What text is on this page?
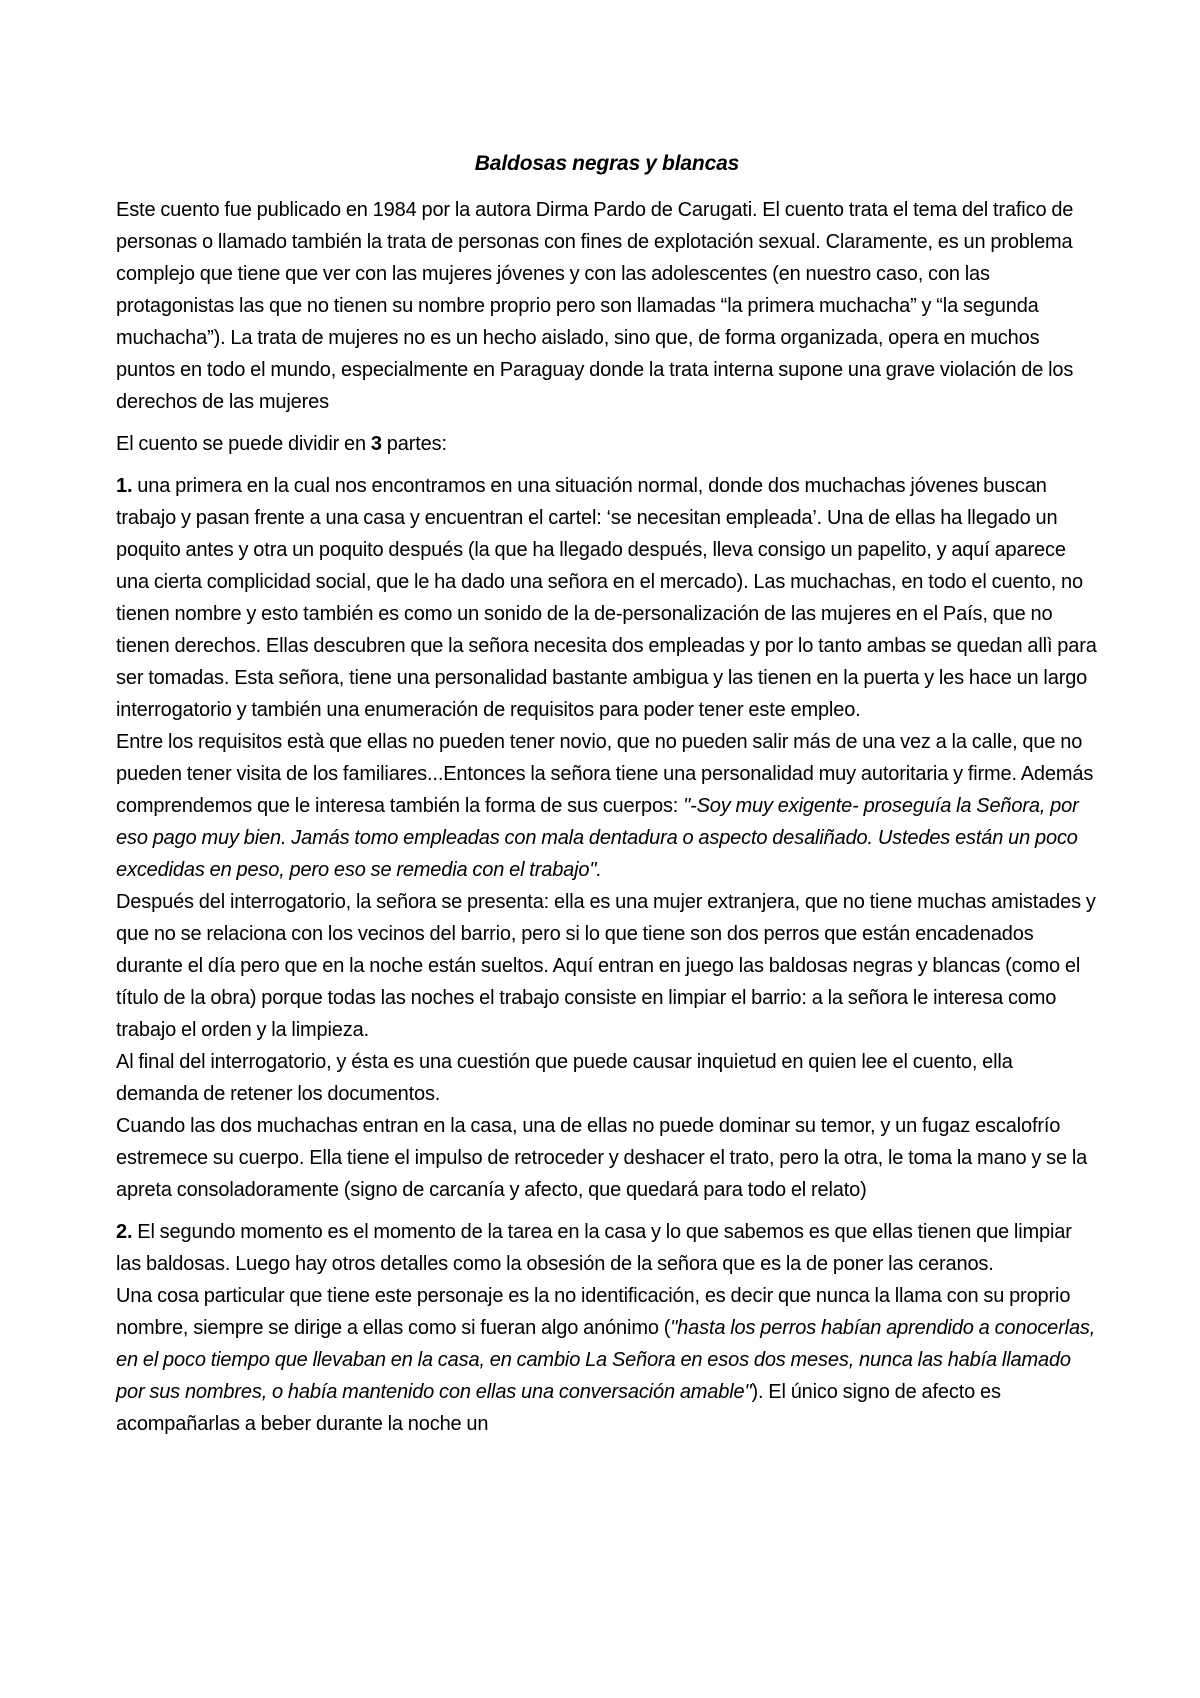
Baldosas negras y blancas

Este cuento fue publicado en 1984 por la autora Dirma Pardo de Carugati. El cuento trata el tema del trafico de personas o llamado también la trata de personas con fines de explotación sexual. Claramente, es un problema complejo que tiene que ver con las mujeres jóvenes y con las adolescentes (en nuestro caso, con las protagonistas las que no tienen su nombre proprio pero son llamadas “la primera muchacha” y “la segunda muchacha”). La trata de mujeres no es un hecho aislado, sino que, de forma organizada, opera en muchos puntos en todo el mundo, especialmente en Paraguay donde la trata interna supone una grave violación de los derechos de las mujeres

El cuento se puede dividir en 3 partes:

1. una primera en la cual nos encontramos en una situación normal, donde dos muchachas jóvenes buscan trabajo y pasan frente a una casa y encuentran el cartel: ‘se necesitan empleada’. Una de ellas ha llegado un poquito antes y otra un poquito después (la que ha llegado después, lleva consigo un papelito, y aquí aparece una cierta complicidad social, que le ha dado una señora en el mercado). Las muchachas, en todo el cuento, no tienen nombre y esto también es como un sonido de la de-personalización de las mujeres en el País, que no tienen derechos. Ellas descubren que la señora necesita dos empleadas y por lo tanto ambas se quedan allì para ser tomadas. Esta señora, tiene una personalidad bastante ambigua y las tienen en la puerta y les hace un largo interrogatorio y también una enumeración de requisitos para poder tener este empleo.

Entre los requisitos està que ellas no pueden tener novio, que no pueden salir más de una vez a la calle, que no pueden tener visita de los familiares...Entonces la señora tiene una personalidad muy autoritaria y firme. Además comprendemos que le interesa también la forma de sus cuerpos: "-Soy muy exigente- proseguía la Señora, por eso pago muy bien. Jamás tomo empleadas con mala dentadura o aspecto desaliñado. Ustedes están un poco excedidas en peso, pero eso se remedia con el trabajo".

Después del interrogatorio, la señora se presenta: ella es una mujer extranjera, que no tiene muchas amistades y que no se relaciona con los vecinos del barrio, pero si lo que tiene son dos perros que están encadenados durante el día pero que en la noche están sueltos. Aquí entran en juego las baldosas negras y blancas (como el título de la obra) porque todas las noches el trabajo consiste en limpiar el barrio: a la señora le interesa como trabajo el orden y la limpieza.

Al final del interrogatorio, y ésta es una cuestión que puede causar inquietud en quien lee el cuento, ella demanda de retener los documentos.

Cuando las dos muchachas entran en la casa, una de ellas no puede dominar su temor, y un fugaz escalofrío estremece su cuerpo. Ella tiene el impulso de retroceder y deshacer el trato, pero la otra, le toma la mano y se la apreta consoladoramente (signo de carcanía y afecto, que quedará para todo el relato)

2. El segundo momento es el momento de la tarea en la casa y lo que sabemos es que ellas tienen que limpiar las baldosas. Luego hay otros detalles como la obsesión de la señora que es la de poner las ceranos.

Una cosa particular que tiene este personaje es la no identificación, es decir que nunca la llama con su proprio nombre, siempre se dirige a ellas como si fueran algo anónimo ("hasta los perros habían aprendido a conocerlas, en el poco tiempo que llevaban en la casa, en cambio La Señora en esos dos meses, nunca las había llamado por sus nombres, o había mantenido con ellas una conversación amable"). El único signo de afecto es acompañarlas a beber durante la noche un
